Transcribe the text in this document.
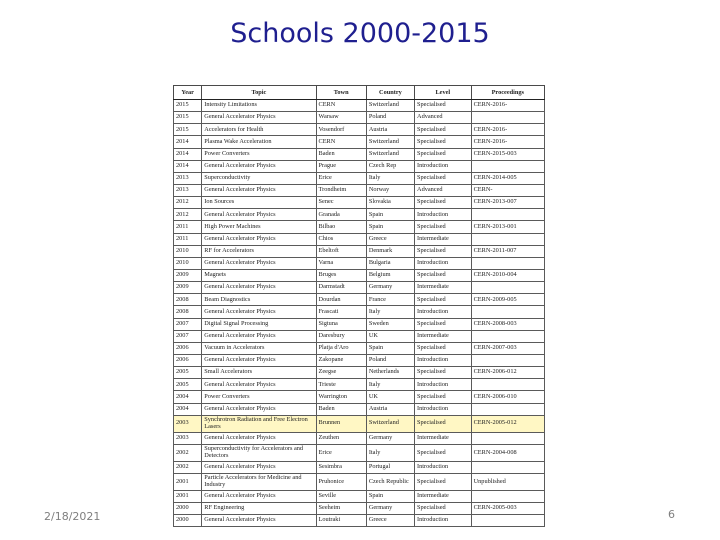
Schools 2000-2015
Year	Topic	Town	Country	Level	Proceedings
2015	Intensity Limitations	CERN	Switzerland	Specialised	CERN-2016-
2015	General Accelerator Physics	Warsaw	Poland	Advanced	
2015	Accelerators for Health	Vosendorf	Austria	Specialised	CERN-2016-
2014	Plasma Wake Acceleration	CERN	Switzerland	Specialised	CERN-2016-
2014	Power Converters	Baden	Switzerland	Specialised	CERN-2015-003
2014	General Accelerator Physics	Prague	Czech Rep	Introduction	
2013	Superconductivity	Erice	Italy	Specialised	CERN-2014-005
2013	General Accelerator Physics	Trondheim	Norway	Advanced	CERN-
2012	Ion Sources	Senec	Slovakia	Specialised	CERN-2013-007
2012	General Accelerator Physics	Granada	Spain	Introduction	
2011	High Power Machines	Bilbao	Spain	Specialised	CERN-2013-001
2011	General Accelerator Physics	Chios	Greece	Intermediate	
2010	RF for Accelerators	Ebeltoft	Denmark	Specialised	CERN-2011-007
2010	General Accelerator Physics	Varna	Bulgaria	Introduction	
2009	Magnets	Bruges	Belgium	Specialised	CERN-2010-004
2009	General Accelerator Physics	Darmstadt	Germany	Intermediate	
2008	Beam Diagnostics	Dourdan	France	Specialised	CERN-2009-005
2008	General Accelerator Physics	Frascati	Italy	Introduction	
2007	Digital Signal Processing	Sigtuna	Sweden	Specialised	CERN-2008-003
2007	General Accelerator Physics	Daresbury	UK	Intermediate	
2006	Vacuum in Accelerators	Platja d'Aro	Spain	Specialised	CERN-2007-003
2006	General Accelerator Physics	Zakopane	Poland	Introduction	
2005	Small Accelerators	Zeegse	Netherlands	Specialised	CERN-2006-012
2005	General Accelerator Physics	Trieste	Italy	Introduction	
2004	Power Converters	Warrington	UK	Specialised	CERN-2006-010
2004	General Accelerator Physics	Baden	Austria	Introduction	
2003	Synchrotron Radiation and Free Electron Lasers	Brunnen	Switzerland	Specialised	CERN-2005-012
2003	General Accelerator Physics	Zeuthen	Germany	Intermediate	
2002	Superconductivity for Accelerators and Detectors	Erice	Italy	Specialised	CERN-2004-008
2002	General Accelerator Physics	Sesimbra	Portugal	Introduction	
2001	Particle Accelerators for Medicine and Industry	Pruhonice	Czech Republic	Specialised	Unpublished
2001	General Accelerator Physics	Seville	Spain	Intermediate	
2000	RF Engineering	Seeheim	Germany	Specialised	CERN-2005-003
2000	General Accelerator Physics	Loutraki	Greece	Introduction	
2/18/2021	6
